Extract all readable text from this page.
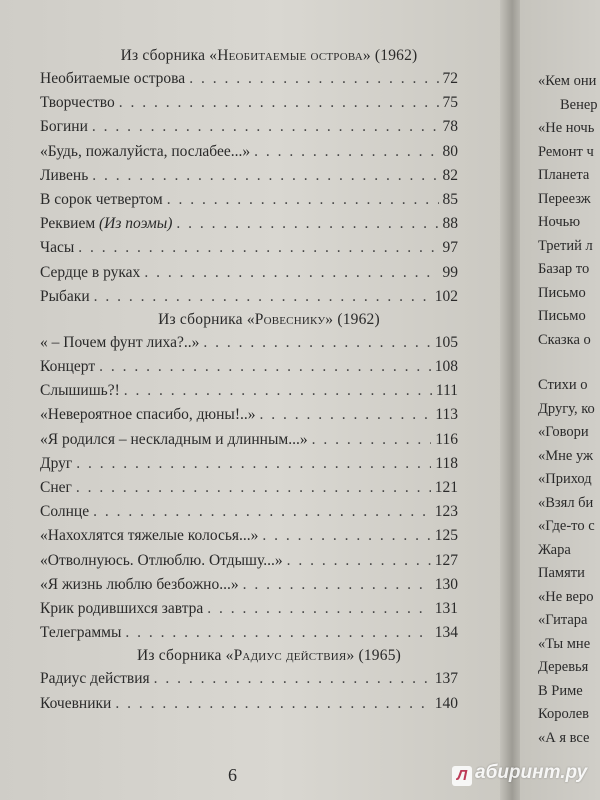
Из сборника «Необитаемые острова» (1962)
Необитаемые острова . . .	72
Творчество . . .	75
Богини . . .	78
«Будь, пожалуйста, послабее...» . . .	80
Ливень . . .	82
В сорок четвертом . . .	85
Реквием (Из поэмы) . . .	88
Часы . . .	97
Сердце в руках . . .	99
Рыбаки . . .	102
Из сборника «Ровеснику» (1962)
« – Почем фунт лиха?..» . . .	105
Концерт . . .	108
Слышишь?! . . .	111
«Невероятное спасибо, дюны!..» . . .	113
«Я родился – нескладным и длинным...» . . .	116
Друг . . .	118
Снег . . .	121
Солнце . . .	123
«Нахохлятся тяжелые колосья...» . . .	125
«Отволнуюсь. Отлюблю. Отдышу...» . . .	127
«Я жизнь люблю безбожно...» . . .	130
Крик родившихся завтра . . .	131
Телеграммы . . .	134
Из сборника «Радиус действия» (1965)
Радиус действия . . .	137
Кочевники . . .	140
6
«Кем они
Венер
«Не ночь
Ремонт ч
Планета
Переезж
Ночью
Третий л
Базар то
Письмо
Письмо
Сказка о
Стихи о
Другу, ко
«Говори
«Мне уж
«Приход
«Взял би
«Где-то с
Жара
Памяти
«Не веро
«Гитара
«Ты мне
Деревья
В Риме
Королев
«А я все
Л абиринт.ру
